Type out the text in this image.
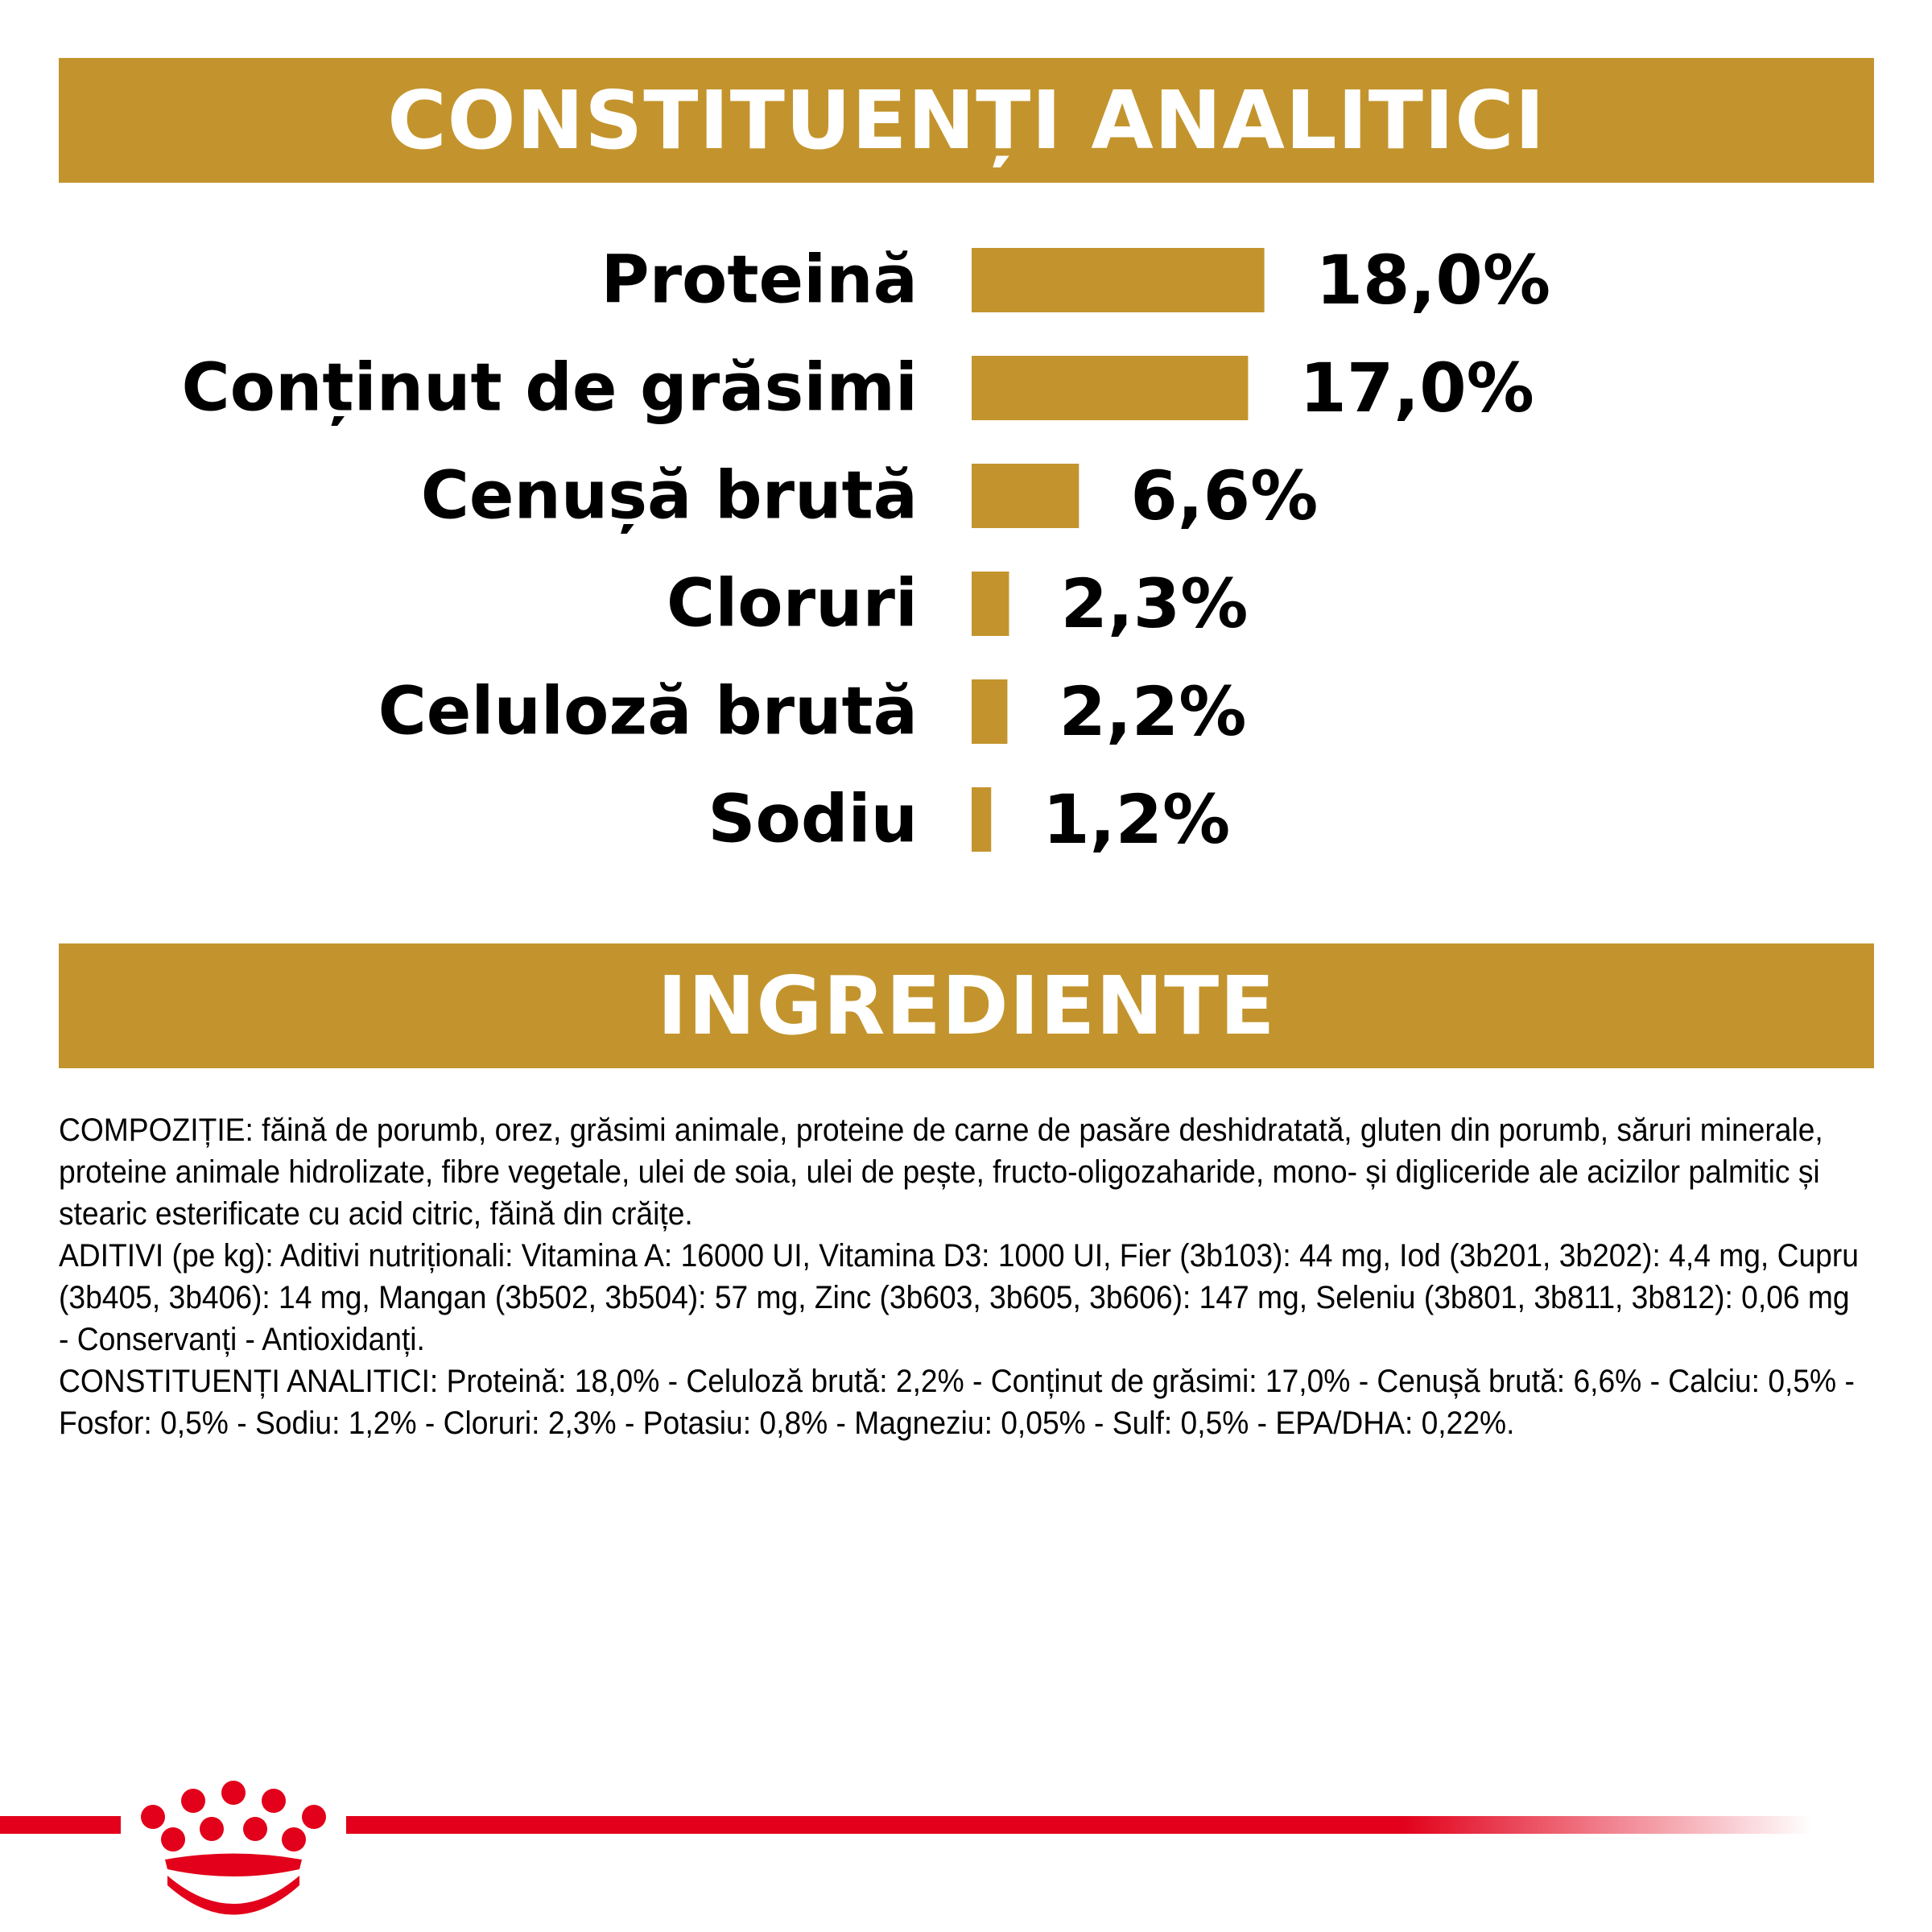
CONSTITUENȚI ANALITICI
Proteină	18,0%
Conținut de grăsimi	17,0%
Cenușă brută	6,6%
Cloruri 2,3%
Celuloză brută 2,2%
Sodiu 1,2%
INGREDIENTE

COMPOZIȚIE: făină de porumb, orez, grăsimi animale, proteine de carne de pasăre deshidratată, gluten din porumb, săruri minerale, proteine animale hidrolizate, fibre vegetale, ulei de soia, ulei de pește, fructo-oligozaharide, mono- și digliceride ale acizilor palmitic și stearic esterificate cu acid citric, făină din crăițe.

ADITIVI (pe kg): Aditivi nutriționali: Vitamina A: 16000 UI, Vitamina D3: 1000 UI, Fier (3b103): 44 mg, Iod (3b201, 3b202): 4,4 mg, Cupru (3b405, 3b406): 14 mg, Mangan (3b502, 3b504): 57 mg, Zinc (3b603, 3b605, 3b606): 147 mg, Seleniu (3b801, 3b811, 3b812): 0,06 mg - Conservanți - Antioxidanți.

CONSTITUENȚI ANALITICI: Proteină: 18,0% - Celuloză brută: 2,2% - Conținut de grăsimi: 17,0% - Cenușă brută: 6,6% - Calciu: 0,5% - Fosfor: 0,5% - Sodiu: 1,2% - Cloruri: 2,3% - Potasiu: 0,8% - Magneziu: 0,05% - Sulf: 0,5% - EPA/DHA: 0,22%.
